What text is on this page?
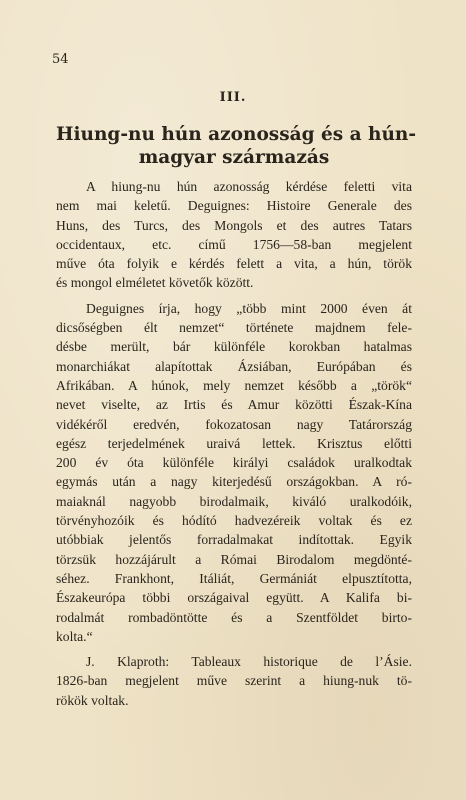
54
III.
Hiung-nu hún azonosság és a hún-
magyar származás
A hiung-nu hún azonosság kérdése feletti vita
nem mai keletű. Deguignes: Histoire Generale des
Huns, des Turcs, des Mongols et des autres Tatars
occidentaux, etc. című 1756—58-ban megjelent
műve óta folyik e kérdés felett a vita, a hún, török
és mongol elméletet követők között.
Deguignes írja, hogy „több mint 2000 éven át
dicsőségben élt nemzet“ története majdnem fele-
désbe merült, bár különféle korokban hatalmas
monarchiákat alapítottak Ázsiában, Európában és
Afrikában. A húnok, mely nemzet később a „török“
nevet viselte, az Irtis és Amur közötti Észak-Kína
vidékéről eredvén, fokozatosan nagy Tatárország
egész terjedelmének uraivá lettek. Krisztus előtti
200 év óta különféle királyi családok uralkodtak
egymás után a nagy kiterjedésű országokban. A ró-
maiaknál nagyobb birodalmaik, kiváló uralkodóik,
törvényhozóik és hódító hadvezéreik voltak és ez
utóbbiak jelentős forradalmakat indítottak. Egyik
törzsük hozzájárult a Római Birodalom megdönté-
séhez. Frankhont, Itáliát, Germániát elpusztította,
Északeurópa többi országaival együtt. A Kalifa bi-
rodalmát rombadöntötte és a Szentföldet birto-
kolta.“
J. Klaproth: Tableaux historique de l’Ásie.
1826-ban megjelent műve szerint a hiung-nuk tö-
rökök voltak.
